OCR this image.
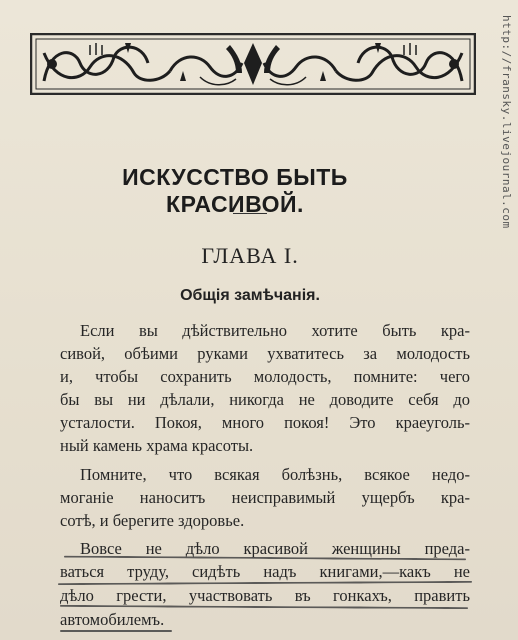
http://fransky.livejournal.com
ИСКУССТВО БЫТЬ КРАСИВОЙ.
ГЛАВА I.
Общія замѣчанія.
Если вы дѣйствительно хотите быть кра-
сивой, обѣими руками ухватитесь за молодость
и, чтобы сохранить молодость, помните: чего
бы вы ни дѣлали, никогда не доводите себя до
усталости. Покоя, много покоя! Это краеуголь-
ный камень храма красоты.
Помните, что всякая болѣзнь, всякое недо-
моганіе наноситъ неисправимый ущербъ кра-
сотѣ, и берегите здоровье.
Вовсе не дѣло красивой женщины преда-
ваться труду, сидѣть надъ книгами,—какъ не
дѣло грести, участвовать въ гонкахъ, править
автомобилемъ.
